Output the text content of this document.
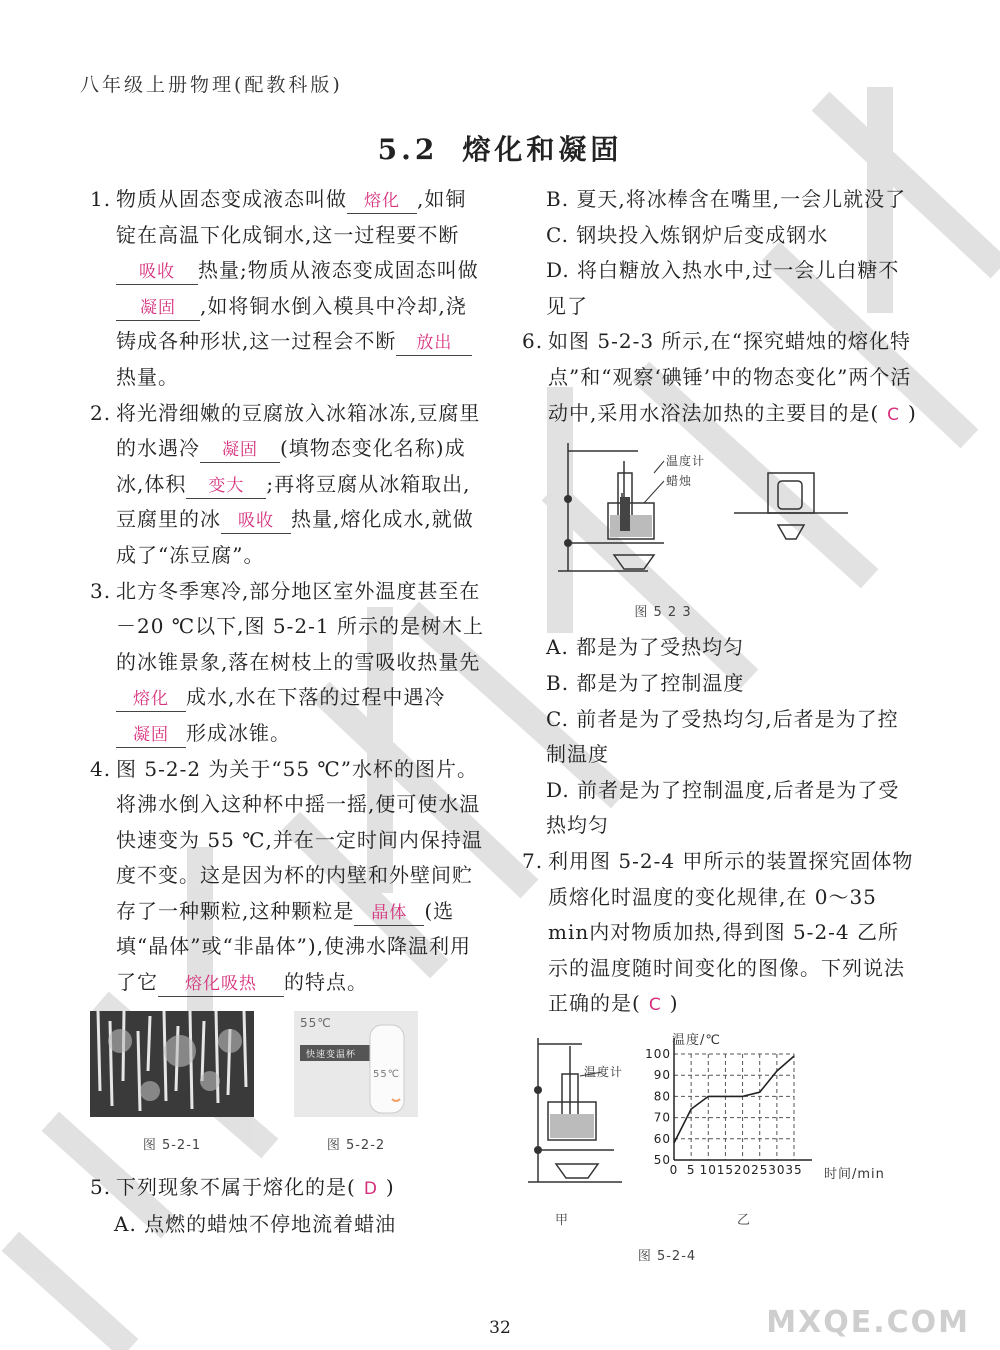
八年级上册物理(配教科版)
5.2 熔化和凝固
1. 物质从固态变成液态叫做 熔化 ,如铜锭在高温下化成铜水,这一过程要不断吸收 热量;物质从液态变成固态叫做凝固 ,如将铜水倒入模具中冷却,浇铸成各种形状,这一过程会不断 放出
热量。
2. 将光滑细嫩的豆腐放入冰箱冰冻,豆腐里的水遇冷 凝固 (填物态变化名称)成冰,体积 变大 ;再将豆腐从冰箱取出,豆腐里的冰 吸收 热量,熔化成水,就做成了“冻豆腐”。
3. 北方冬季寒冷,部分地区室外温度甚至在－20 ℃以下,图 5-2-1 所示的是树木上的冰锥景象,落在树枝上的雪吸收热量先熔化 成水,水在下落的过程中遇冷凝固 形成冰锥。
4. 图 5-2-2 为关于“55 ℃”水杯的图片。将沸水倒入这种杯中摇一摇,便可使水温快速变为 55 ℃,并在一定时间内保持温度不变。这是因为杯的内壁和外壁间贮存了一种颗粒,这种颗粒是 晶体 (选填“晶体”或“非晶体”),使沸水降温利用了它 熔化吸热 的特点。
图 5-2-1
55℃
快速变温杯
55℃
图 5-2-2
5. 下列现象不属于熔化的是( D )
A. 点燃的蜡烛不停地流着蜡油
B. 夏天,将冰棒含在嘴里,一会儿就没了
C. 钢块投入炼钢炉后变成钢水
D. 将白糖放入热水中,过一会儿白糖不见了
6. 如图 5-2-3 所示,在“探究蜡烛的熔化特点”和“观察‘碘锤’中的物态变化”两个活动中,采用水浴法加热的主要目的是( C )
温度计
蜡烛
图 5 2 3
A. 都是为了受热均匀
B. 都是为了控制温度
C. 前者是为了受热均匀,后者是为了控制温度
D. 前者是为了控制温度,后者是为了受热均匀
7. 利用图 5-2-4 甲所示的装置探究固体物质熔化时温度的变化规律,在 0～35 min内对物质加热,得到图 5-2-4 乙所示的温度随时间变化的图像。下列说法正确的是( C )
温度计
甲
温度/℃
时间/min
0 5 10 15 20 25 30 35
50
60
70
80
90
100
乙
图 5-2-4
32	MXQE.COM
